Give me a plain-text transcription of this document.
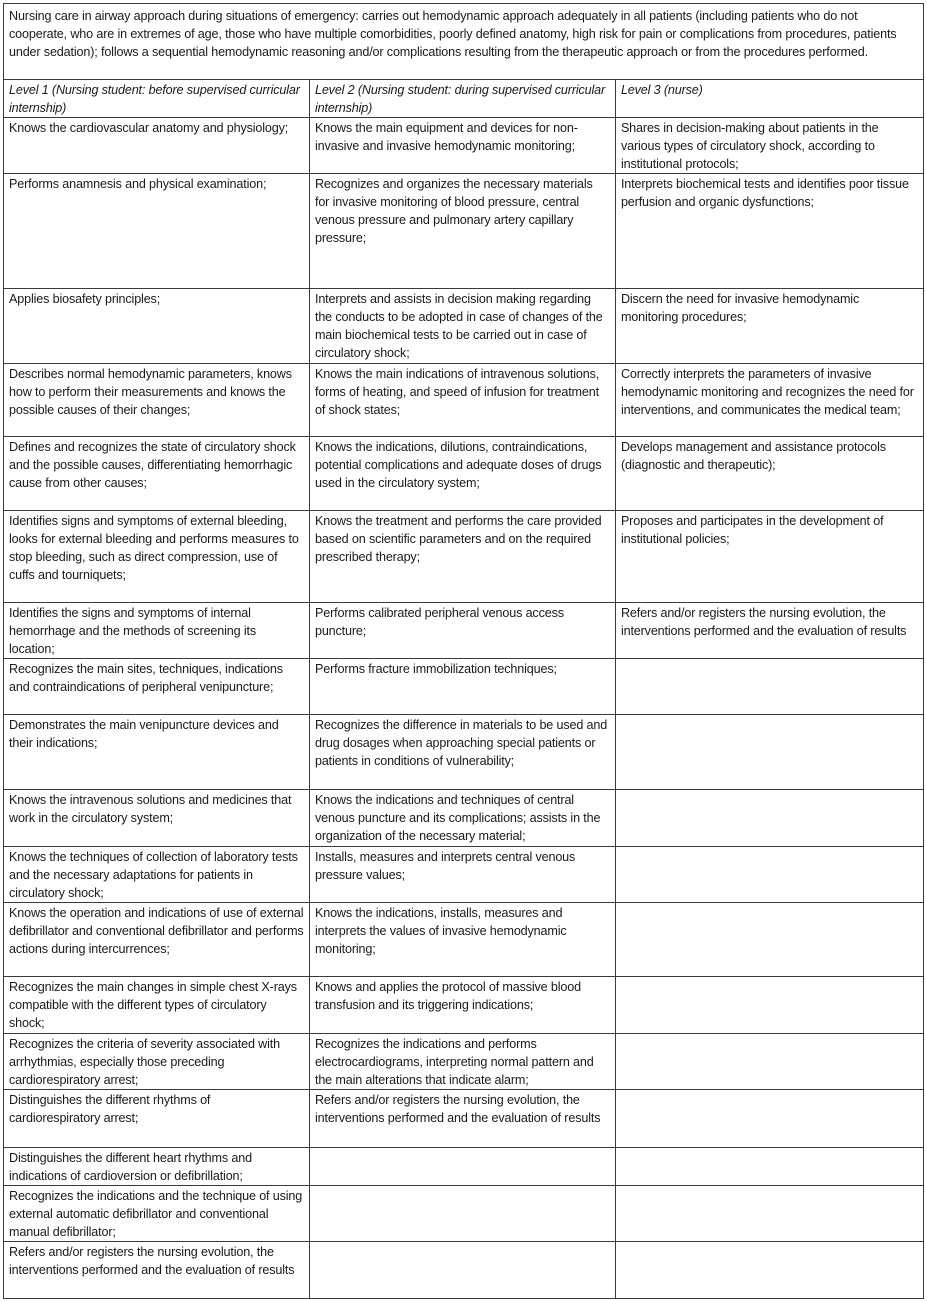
Nursing care in airway approach during situations of emergency: carries out hemodynamic approach adequately in all patients (including patients who do not cooperate, who are in extremes of age, those who have multiple comorbidities, poorly defined anatomy, high risk for pain or complications from procedures, patients under sedation); follows a sequential hemodynamic reasoning and/or complications resulting from the therapeutic approach or from the procedures performed.		
Level 1 (Nursing student: before supervised curricular internship)	Level 2 (Nursing student: during supervised curricular internship)	Level 3 (nurse)
Knows the cardiovascular anatomy and physiology;	Knows the main equipment and devices for non-invasive and invasive hemodynamic monitoring;	Shares in decision-making about patients in the various types of circulatory shock, according to institutional protocols;
Performs anamnesis and physical examination;	Recognizes and organizes the necessary materials for invasive monitoring of blood pressure, central venous pressure and pulmonary artery capillary pressure;	Interprets biochemical tests and identifies poor tissue perfusion and organic dysfunctions;
Applies biosafety principles;	Interprets and assists in decision making regarding the conducts to be adopted in case of changes of the main biochemical tests to be carried out in case of circulatory shock;	Discern the need for invasive hemodynamic monitoring procedures;
Describes normal hemodynamic parameters, knows how to perform their measurements and knows the possible causes of their changes;	Knows the main indications of intravenous solutions, forms of heating, and speed of infusion for treatment of shock states;	Correctly interprets the parameters of invasive hemodynamic monitoring and recognizes the need for interventions, and communicates the medical team;
Defines and recognizes the state of circulatory shock and the possible causes, differentiating hemorrhagic cause from other causes;	Knows the indications, dilutions, contraindications, potential complications and adequate doses of drugs used in the circulatory system;	Develops management and assistance protocols (diagnostic and therapeutic);
Identifies signs and symptoms of external bleeding, looks for external bleeding and performs measures to stop bleeding, such as direct compression, use of cuffs and tourniquets;	Knows the treatment and performs the care provided based on scientific parameters and on the required prescribed therapy;	Proposes and participates in the development of institutional policies;
Identifies the signs and symptoms of internal hemorrhage and the methods of screening its location;	Performs calibrated peripheral venous access puncture;	Refers and/or registers the nursing evolution, the interventions performed and the evaluation of results
Recognizes the main sites, techniques, indications and contraindications of peripheral venipuncture;	Performs fracture immobilization techniques;	
Demonstrates the main venipuncture devices and their indications;	Recognizes the difference in materials to be used and drug dosages when approaching special patients or patients in conditions of vulnerability;	
Knows the intravenous solutions and medicines that work in the circulatory system;	Knows the indications and techniques of central venous puncture and its complications; assists in the organization of the necessary material;	
Knows the techniques of collection of laboratory tests and the necessary adaptations for patients in circulatory shock;	Installs, measures and interprets central venous pressure values;	
Knows the operation and indications of use of external defibrillator and conventional defibrillator and performs actions during intercurrences;	Knows the indications, installs, measures and interprets the values of invasive hemodynamic monitoring;	
Recognizes the main changes in simple chest X-rays compatible with the different types of circulatory shock;	Knows and applies the protocol of massive blood transfusion and its triggering indications;	
Recognizes the criteria of severity associated with arrhythmias, especially those preceding cardiorespiratory arrest;	Recognizes the indications and performs electrocardiograms, interpreting normal pattern and the main alterations that indicate alarm;	
Distinguishes the different rhythms of cardiorespiratory arrest;	Refers and/or registers the nursing evolution, the interventions performed and the evaluation of results	
Distinguishes the different heart rhythms and indications of cardioversion or defibrillation;		
Recognizes the indications and the technique of using external automatic defibrillator and conventional manual defibrillator;		
Refers and/or registers the nursing evolution, the interventions performed and the evaluation of results		
